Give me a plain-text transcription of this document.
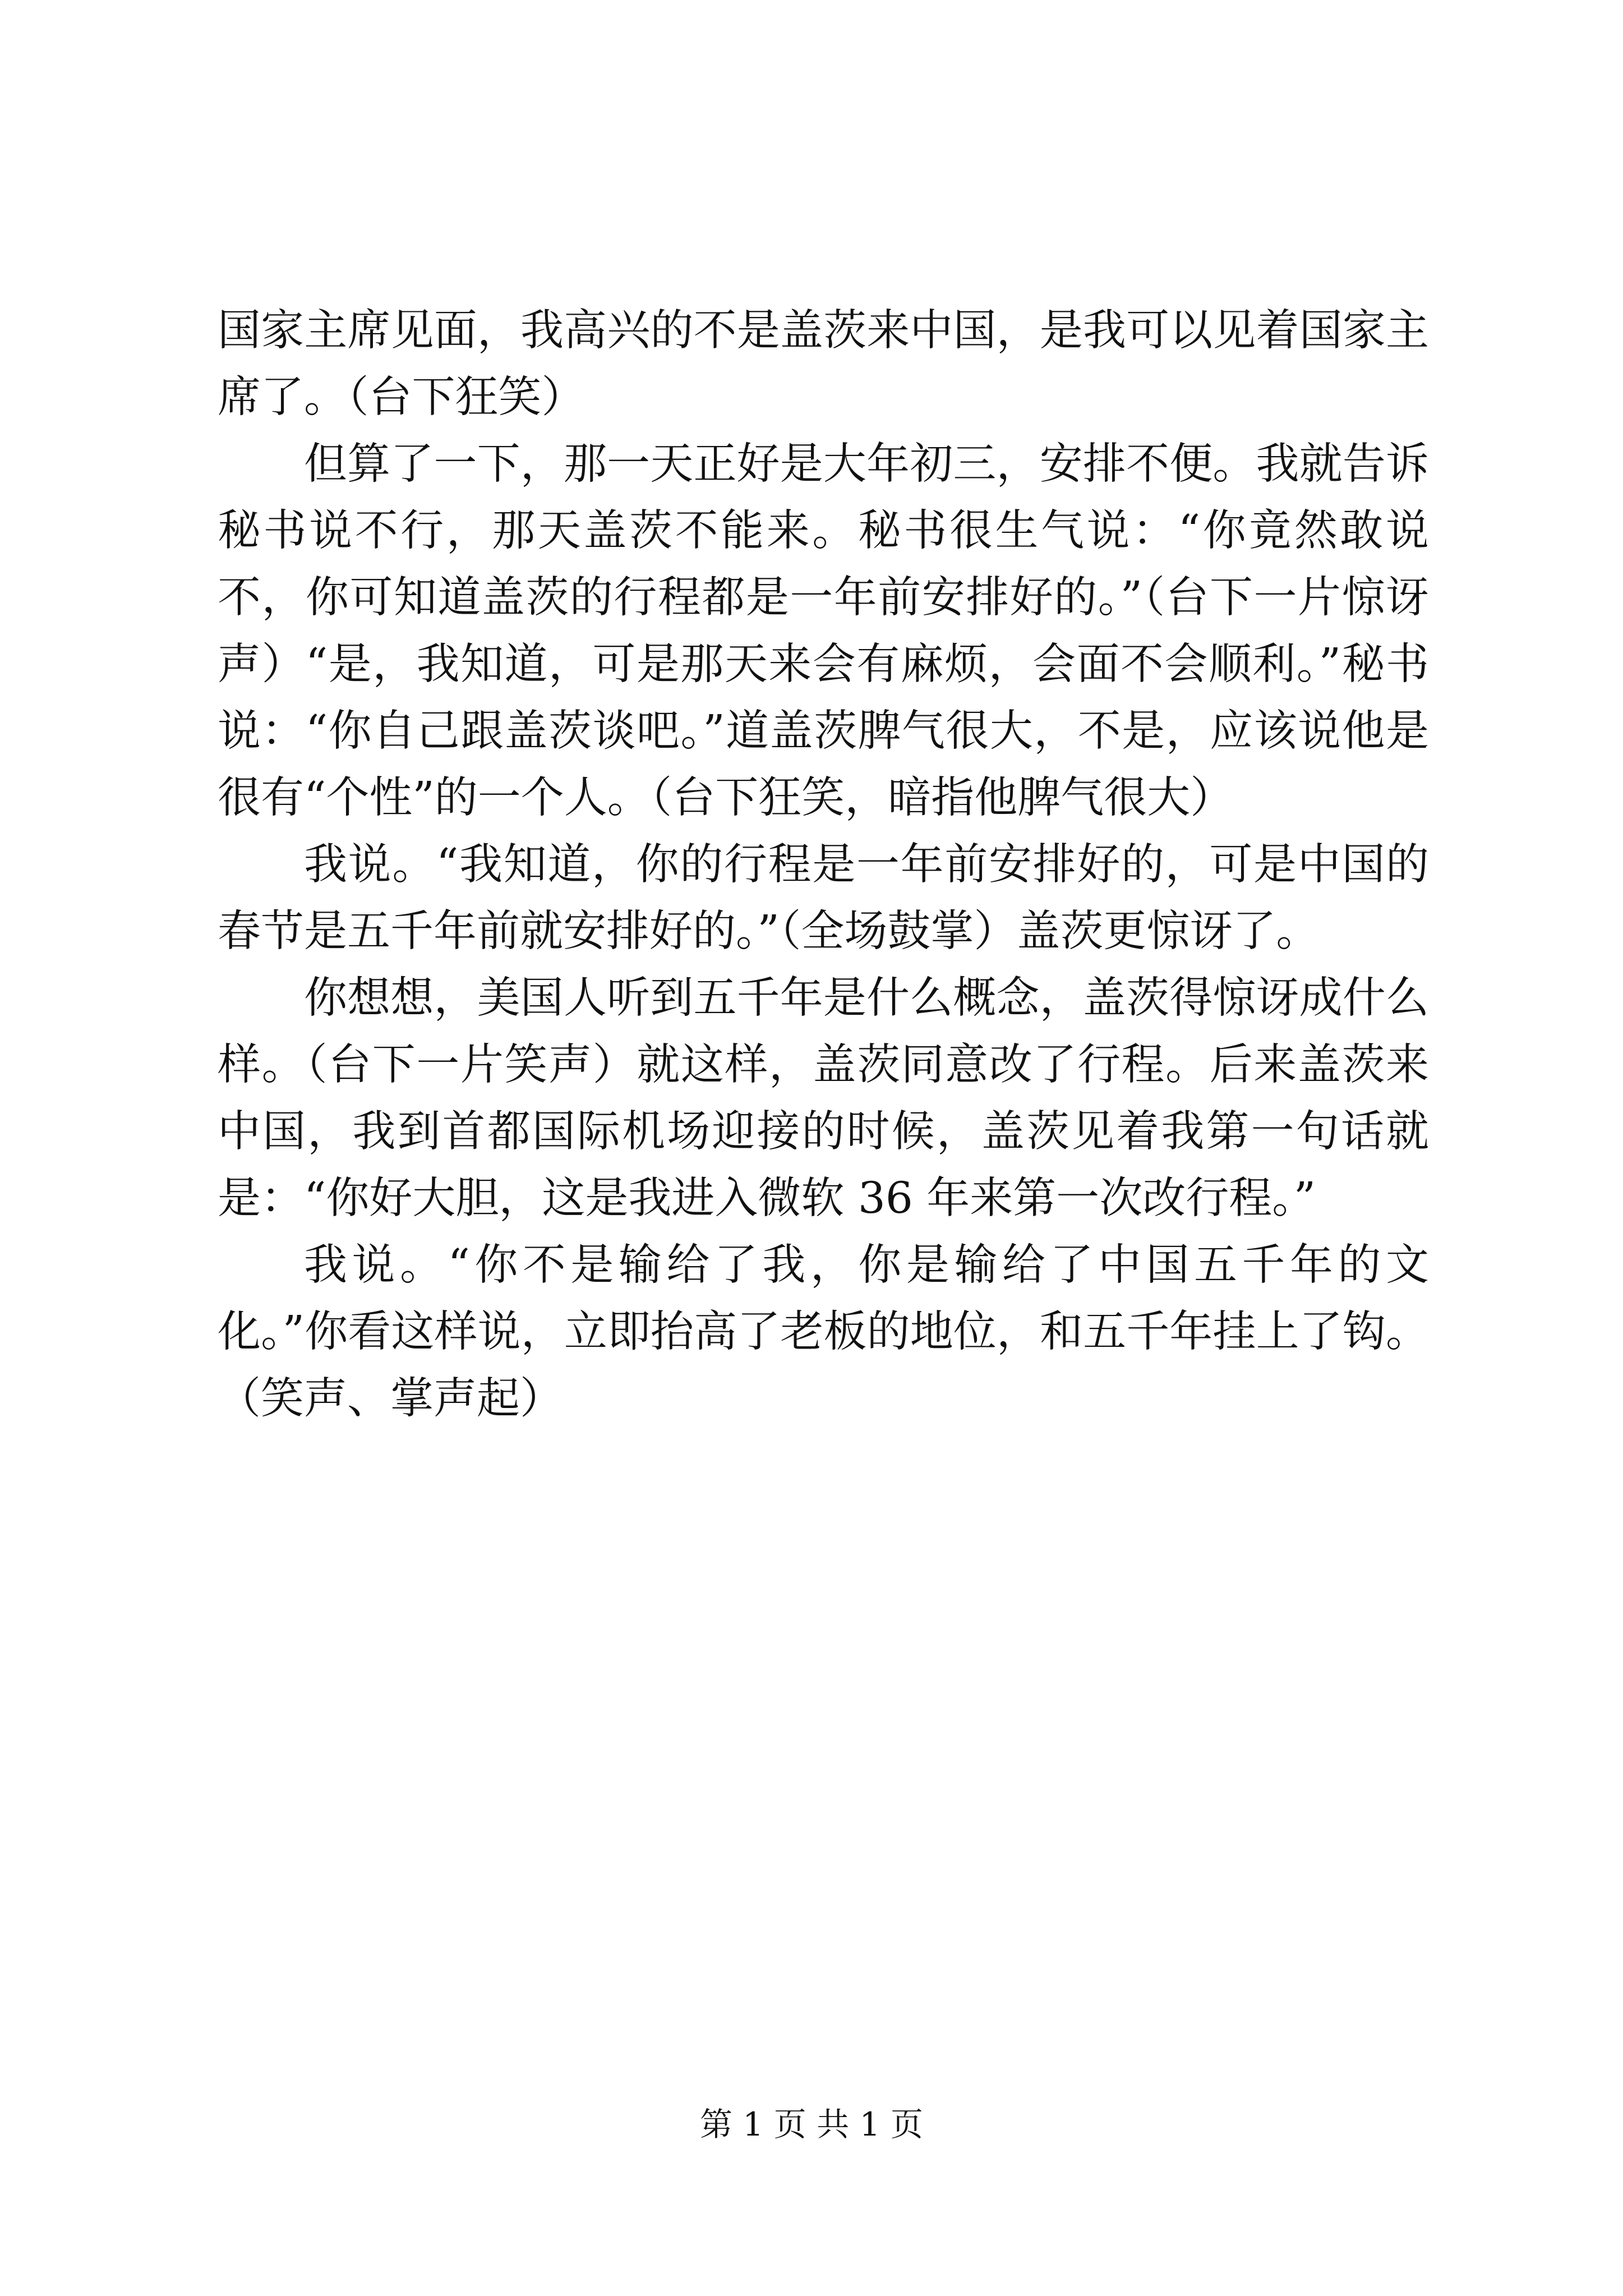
国家主席见面，我高兴的不是盖茨来中国，是我可以见着国家主席了。（台下狂笑）

但算了一下，那一天正好是大年初三，安排不便。我就告诉秘书说不行，那天盖茨不能来。秘书很生气说：“你竟然敢说不，你可知道盖茨的行程都是一年前安排好的。”（台下一片惊讶声）“是，我知道，可是那天来会有麻烦，会面不会顺利。”秘书说：“你自己跟盖茨谈吧。”道盖茨脾气很大，不是，应该说他是很有“个性”的一个人。（台下狂笑，暗指他脾气很大）

我说。“我知道，你的行程是一年前安排好的，可是中国的春节是五千年前就安排好的。”（全场鼓掌）盖茨更惊讶了。

你想想，美国人听到五千年是什么概念，盖茨得惊讶成什么样。（台下一片笑声）就这样，盖茨同意改了行程。后来盖茨来中国，我到首都国际机场迎接的时候，盖茨见着我第一句话就是：“你好大胆，这是我进入微软 36 年来第一次改行程。”

我说。“你不是输给了我，你是输给了中国五千年的文化。”你看这样说，立即抬高了老板的地位，和五千年挂上了钩。（笑声、掌声起）

第 1 页 共 1 页
